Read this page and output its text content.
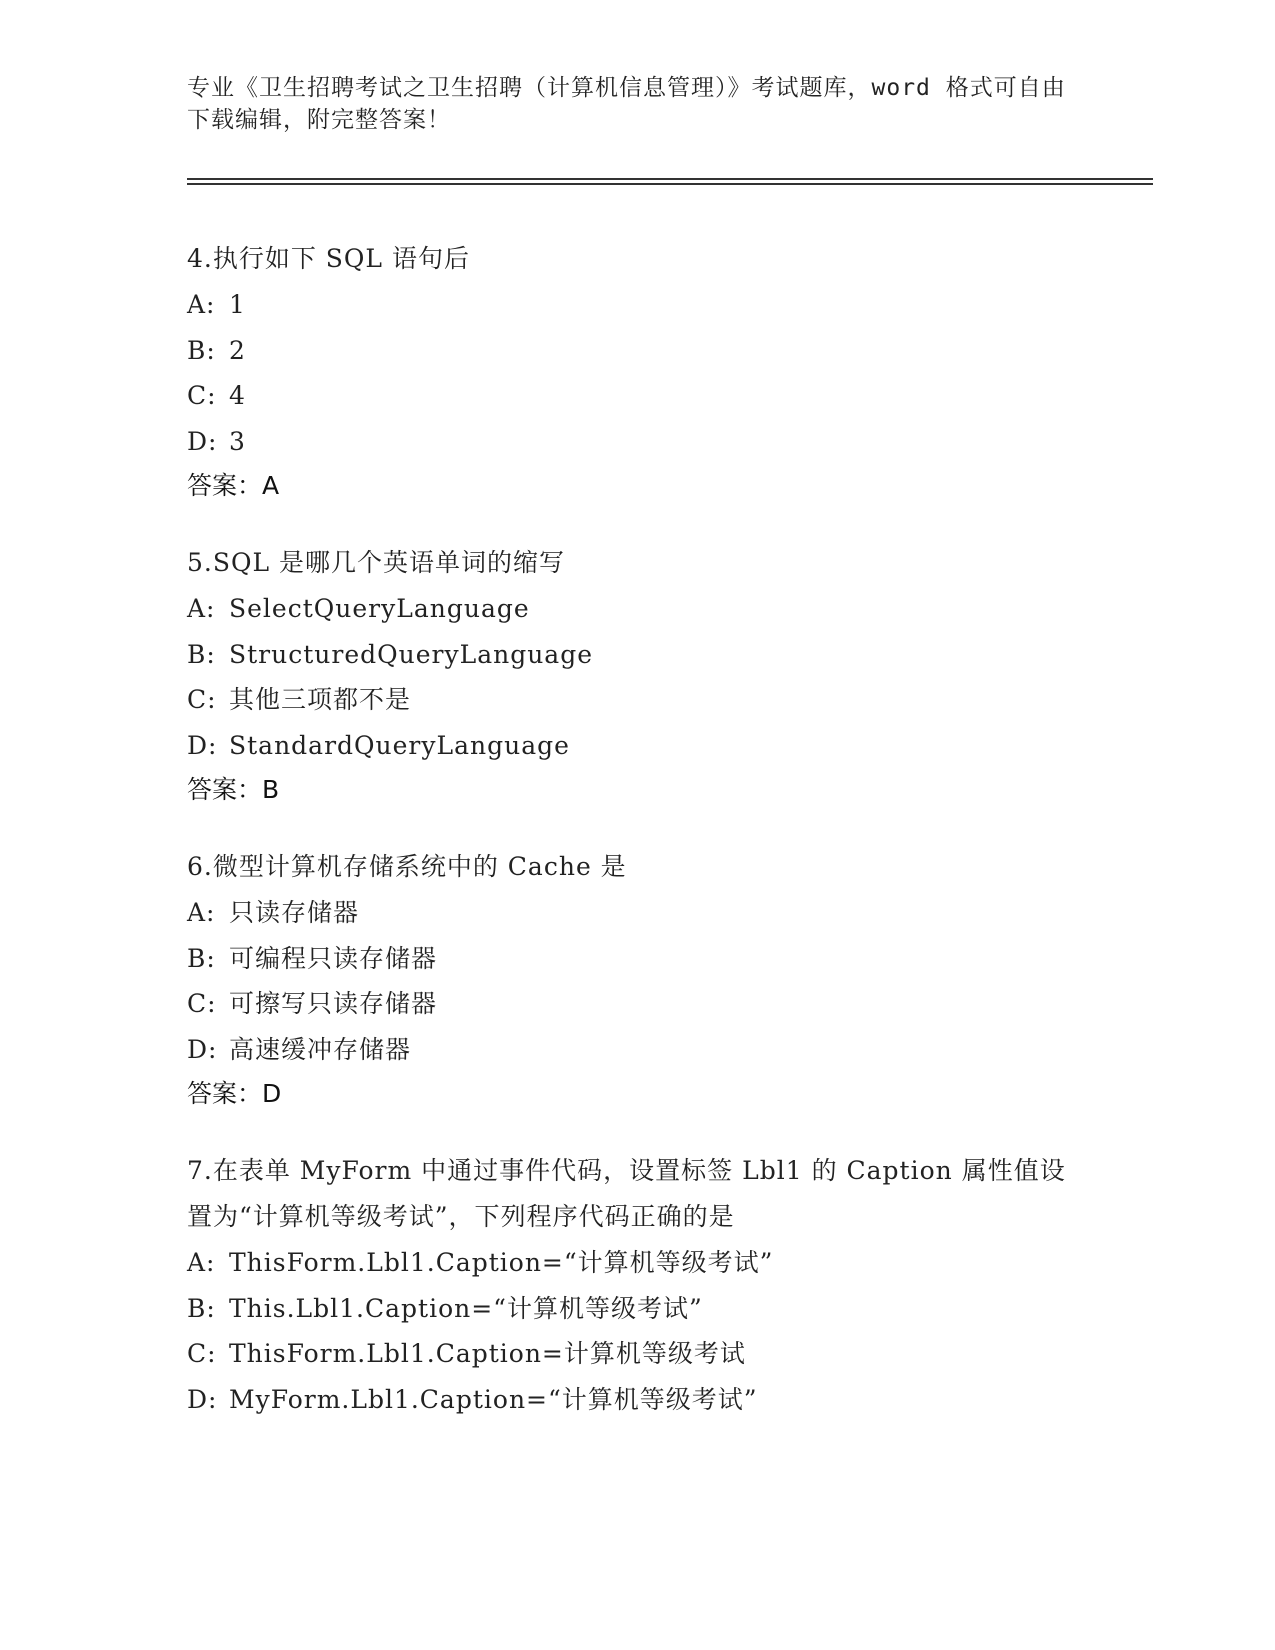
专业《卫生招聘考试之卫生招聘（计算机信息管理）》考试题库，word 格式可自由下载编辑，附完整答案！
4.执行如下 SQL 语句后
A: 1
B: 2
C: 4
D: 3
答案：A
5.SQL 是哪几个英语单词的缩写
A: SelectQueryLanguage
B: StructuredQueryLanguage
C: 其他三项都不是
D: StandardQueryLanguage
答案：B
6.微型计算机存储系统中的 Cache 是
A: 只读存储器
B: 可编程只读存储器
C: 可擦写只读存储器
D: 高速缓冲存储器
答案：D
7.在表单 MyForm 中通过事件代码，设置标签 Lbl1 的 Caption 属性值设置为“计算机等级考试”，下列程序代码正确的是
A: ThisForm.Lbl1.Caption=“计算机等级考试”
B: This.Lbl1.Caption=“计算机等级考试”
C: ThisForm.Lbl1.Caption=计算机等级考试
D: MyForm.Lbl1.Caption=“计算机等级考试”
